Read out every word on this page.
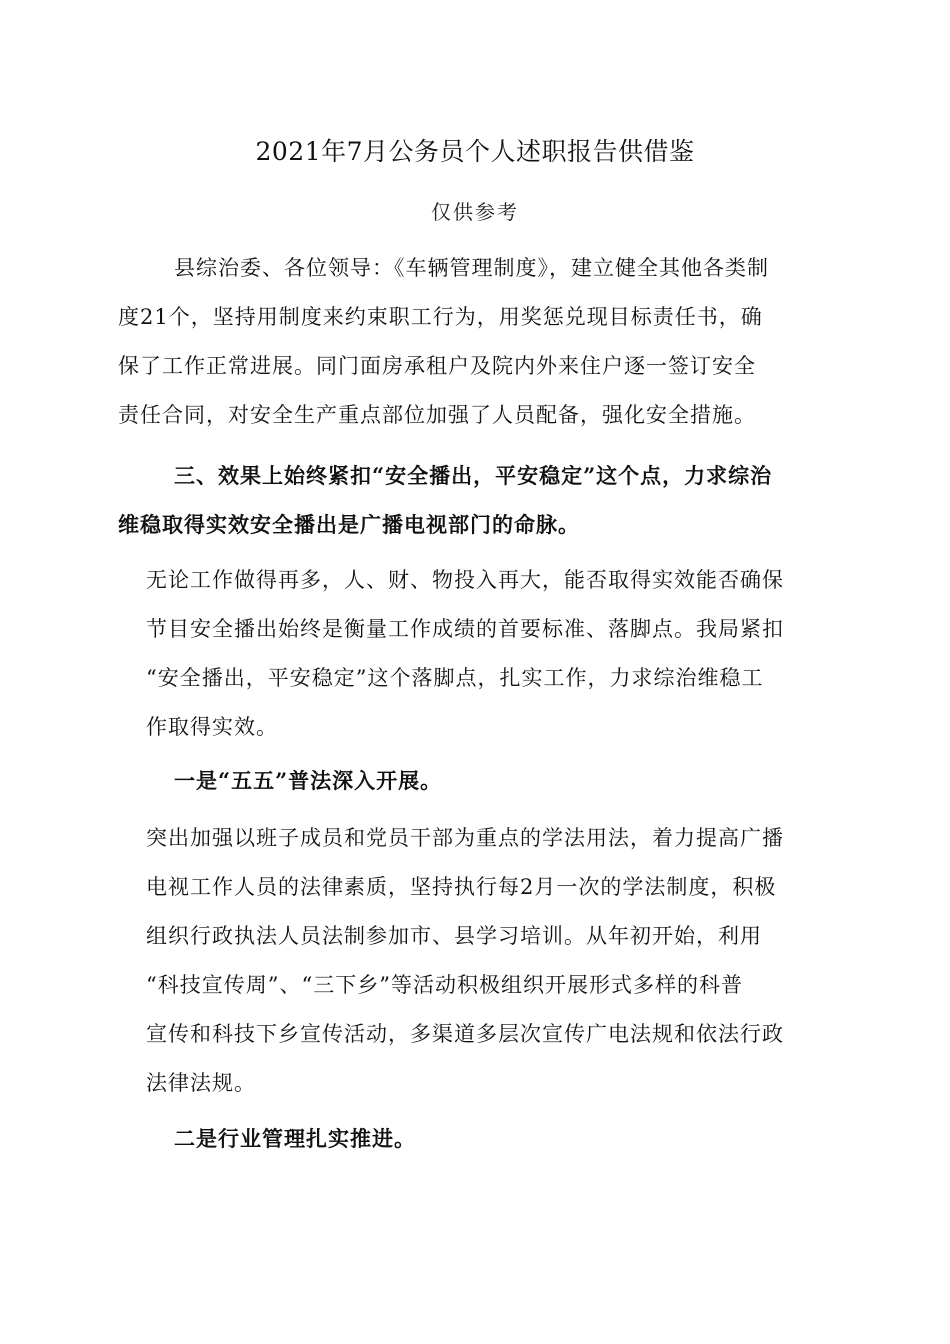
2021年7月公务员个人述职报告供借鉴
仅供参考
县综治委、各位领导：《车辆管理制度》，建立健全其他各类制
度21个，坚持用制度来约束职工行为，用奖惩兑现目标责任书，确
保了工作正常进展。同门面房承租户及院内外来住户逐一签订安全
责任合同，对安全生产重点部位加强了人员配备，强化安全措施。
三、效果上始终紧扣“安全播出，平安稳定”这个点，力求综治
维稳取得实效安全播出是广播电视部门的命脉。
无论工作做得再多，人、财、物投入再大，能否取得实效能否确保
节目安全播出始终是衡量工作成绩的首要标准、落脚点。我局紧扣
“安全播出，平安稳定”这个落脚点，扎实工作，力求综治维稳工
作取得实效。
一是“五五”普法深入开展。
突出加强以班子成员和党员干部为重点的学法用法，着力提高广播
电视工作人员的法律素质，坚持执行每2月一次的学法制度，积极
组织行政执法人员法制参加市、县学习培训。从年初开始，利用
“科技宣传周”、“三下乡”等活动积极组织开展形式多样的科普
宣传和科技下乡宣传活动，多渠道多层次宣传广电法规和依法行政
法律法规。
二是行业管理扎实推进。
